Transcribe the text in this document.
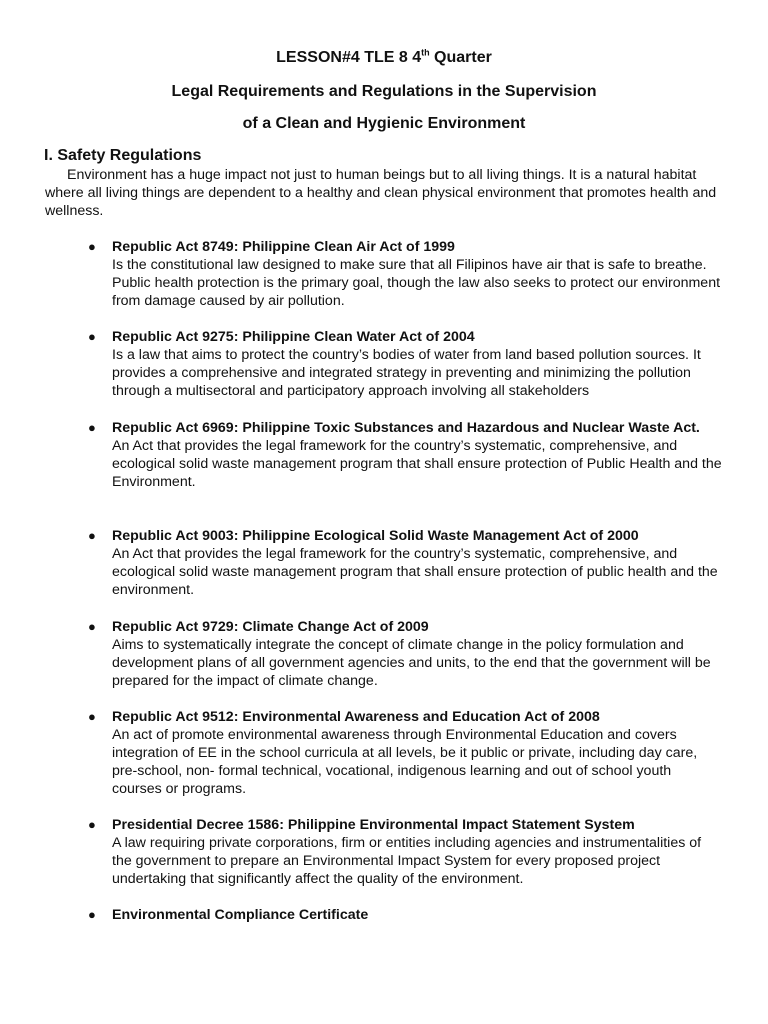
LESSON#4 TLE 8 4th Quarter
Legal Requirements and Regulations in the Supervision
of a Clean and Hygienic Environment
I. Safety Regulations

Environment has a huge impact not just to human beings but to all living things. It is a natural habitat where all living things are dependent to a healthy and clean physical environment that promotes health and wellness.

● Republic Act 8749: Philippine Clean Air Act of 1999

Is the constitutional law designed to make sure that all Filipinos have air that is safe to breathe. Public health protection is the primary goal, though the law also seeks to protect our environment from damage caused by air pollution.

● Republic Act 9275: Philippine Clean Water Act of 2004

Is a law that aims to protect the country’s bodies of water from land based pollution sources. It provides a comprehensive and integrated strategy in preventing and minimizing the pollution through a multisectoral and participatory approach involving all stakeholders

● Republic Act 6969: Philippine Toxic Substances and Hazardous and Nuclear Waste Act.

An Act that provides the legal framework for the country’s systematic, comprehensive, and ecological solid waste management program that shall ensure protection of Public Health and the Environment.

● Republic Act 9003: Philippine Ecological Solid Waste Management Act of 2000

An Act that provides the legal framework for the country’s systematic, comprehensive, and ecological solid waste management program that shall ensure protection of public health and the environment.

● Republic Act 9729: Climate Change Act of 2009

Aims to systematically integrate the concept of climate change in the policy formulation and development plans of all government agencies and units, to the end that the government will be prepared for the impact of climate change.

● Republic Act 9512: Environmental Awareness and Education Act of 2008

An act of promote environmental awareness through Environmental Education and covers integration of EE in the school curricula at all levels, be it public or private, including day care, pre-school, non- formal technical, vocational, indigenous learning and out of school youth courses or programs.

● Presidential Decree 1586: Philippine Environmental Impact Statement System

A law requiring private corporations, firm or entities including agencies and instrumentalities of the government to prepare an Environmental Impact System for every proposed project undertaking that significantly affect the quality of the environment.

● Environmental Compliance Certificate
